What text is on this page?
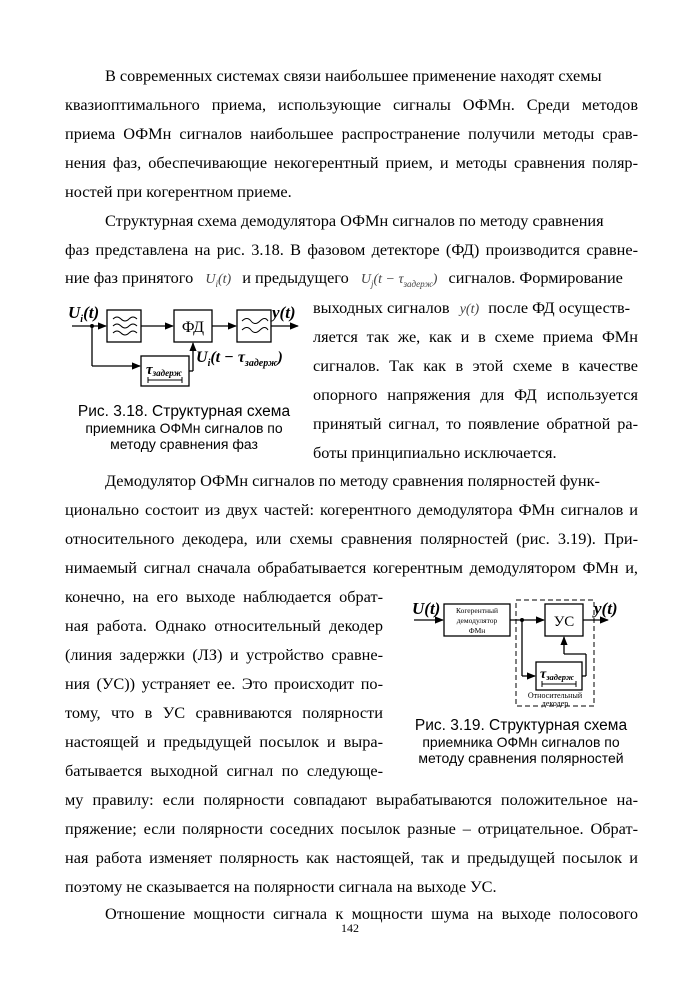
В современных системах связи наибольшее применение находят схемы

квазиоптимального приема, использующие сигналы ОФМн. Среди методов

приема ОФМн сигналов наибольшее распространение получили методы срав-

нения фаз, обеспечивающие некогерентный прием, и методы сравнения поляр-

ностей при когерентном приеме.

Структурная схема демодулятора ОФМн сигналов по методу сравнения

фаз представлена на рис. 3.18. В фазовом детекторе (ФД) производится сравне-

ние фаз принятого $U_i(t)$ и предыдущего $U_j(t - \tau_{задерж})$ сигналов. Формирование

выходных сигналов y(t) после ФД осуществ-

ляется так же, как и в схеме приема ФМн

сигналов. Так как в этой схеме в качестве

опорного напряжения для ФД используется

принятый сигнал, то появление обратной ра-

боты принципиально исключается.

$U_i(t)$
ФД
y(t)
τзадерж
$U_i(t - \tau_{задерж})$
Рис. 3.18. Структурная схема
приемника ОФМн сигналов по
методу сравнения фаз

Демодулятор ОФМн сигналов по методу сравнения полярностей функ-

ционально состоит из двух частей: когерентного демодулятора ФМн сигналов и

относительного декодера, или схемы сравнения полярностей (рис. 3.19). При-

нимаемый сигнал сначала обрабатывается когерентным демодулятором ФМн и,

конечно, на его выходе наблюдается обрат-

ная работа. Однако относительный декодер

(линия задержки (ЛЗ) и устройство сравне-

ния (УС)) устраняет ее. Это происходит по-

тому, что в УС сравниваются полярности

настоящей и предыдущей посылок и выра-

батывается выходной сигнал по следующе-

му правилу: если полярности совпадают вырабатываются положительное на-

пряжение; если полярности соседних посылок разные – отрицательное. Обрат-

ная работа изменяет полярность как настоящей, так и предыдущей посылок и

поэтому не сказывается на полярности сигнала на выходе УС.

U(t) Когерентный
демодулятор
ФМн
УС
y(t)
τзадерж
Относительный
декодер
Рис. 3.19. Структурная схема
приемника ОФМн сигналов по
методу сравнения полярностей

Отношение мощности сигнала к мощности шума на выходе полосового

142
